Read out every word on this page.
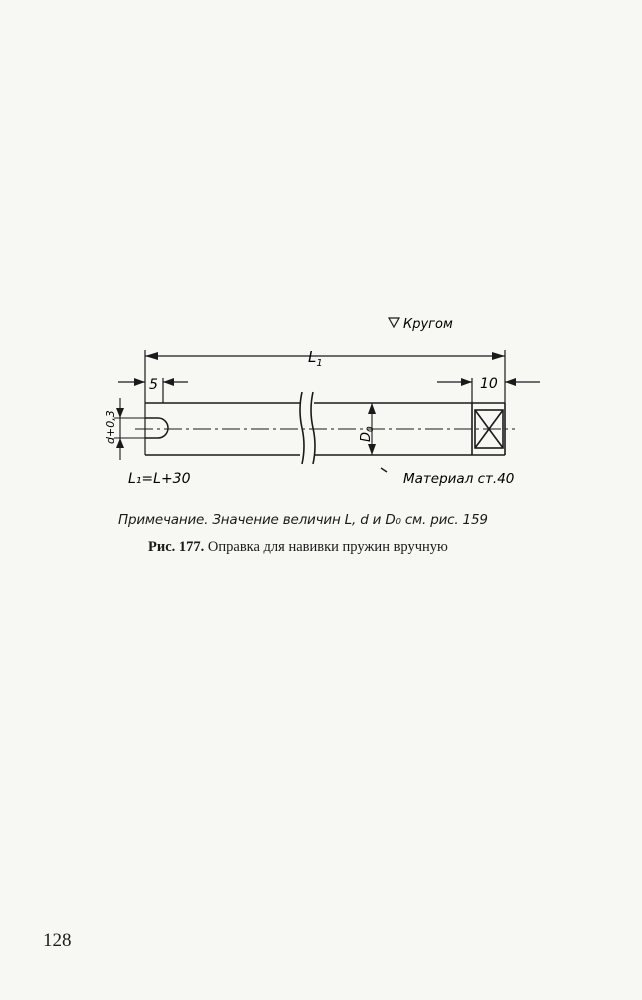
Кругом
$L_1$
5	10
d+0,3	$D_0$
L₁=L+30	Материал ст.40
Примечание. Значение величин L, d и D₀ см. рис. 159
Рис. 177. Оправка для навивки пружин вручную
128
